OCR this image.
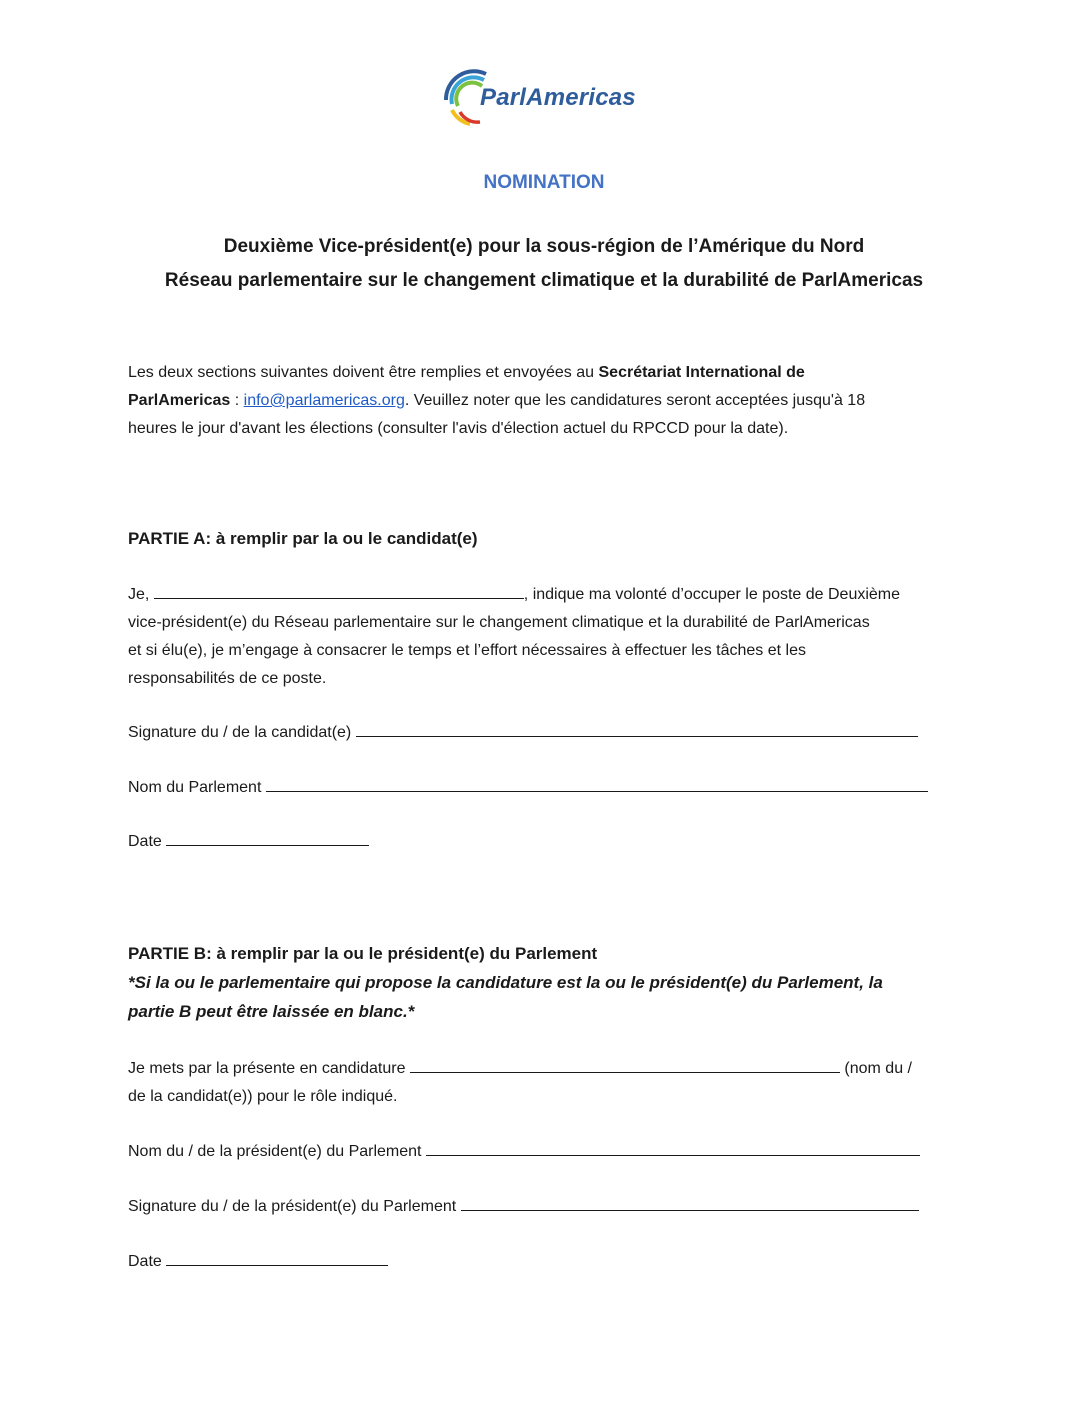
ParlAmericas
NOMINATION
Deuxième Vice-président(e) pour la sous-région de l’Amérique du Nord
Réseau parlementaire sur le changement climatique et la durabilité de ParlAmericas
Les deux sections suivantes doivent être remplies et envoyées au Secrétariat International de
ParlAmericas : info@parlamericas.org. Veuillez noter que les candidatures seront acceptées jusqu'à 18
heures le jour d'avant les élections (consulter l'avis d'élection actuel du RPCCD pour la date).
PARTIE A: à remplir par la ou le candidat(e)
Je,	, indique ma volonté d’occuper le poste de Deuxième
vice-président(e) du Réseau parlementaire sur le changement climatique et la durabilité de ParlAmericas
et si élu(e), je m’engage à consacrer le temps et l’effort nécessaires à effectuer les tâches et les
responsabilités de ce poste.
Signature du / de la candidat(e)
Nom du Parlement
Date
PARTIE B: à remplir par la ou le président(e) du Parlement
*Si la ou le parlementaire qui propose la candidature est la ou le président(e) du Parlement, la
partie B peut être laissée en blanc.*
Je mets par la présente en candidature	(nom du /
de la candidat(e)) pour le rôle indiqué.
Nom du / de la président(e) du Parlement
Signature du / de la président(e) du Parlement
Date
